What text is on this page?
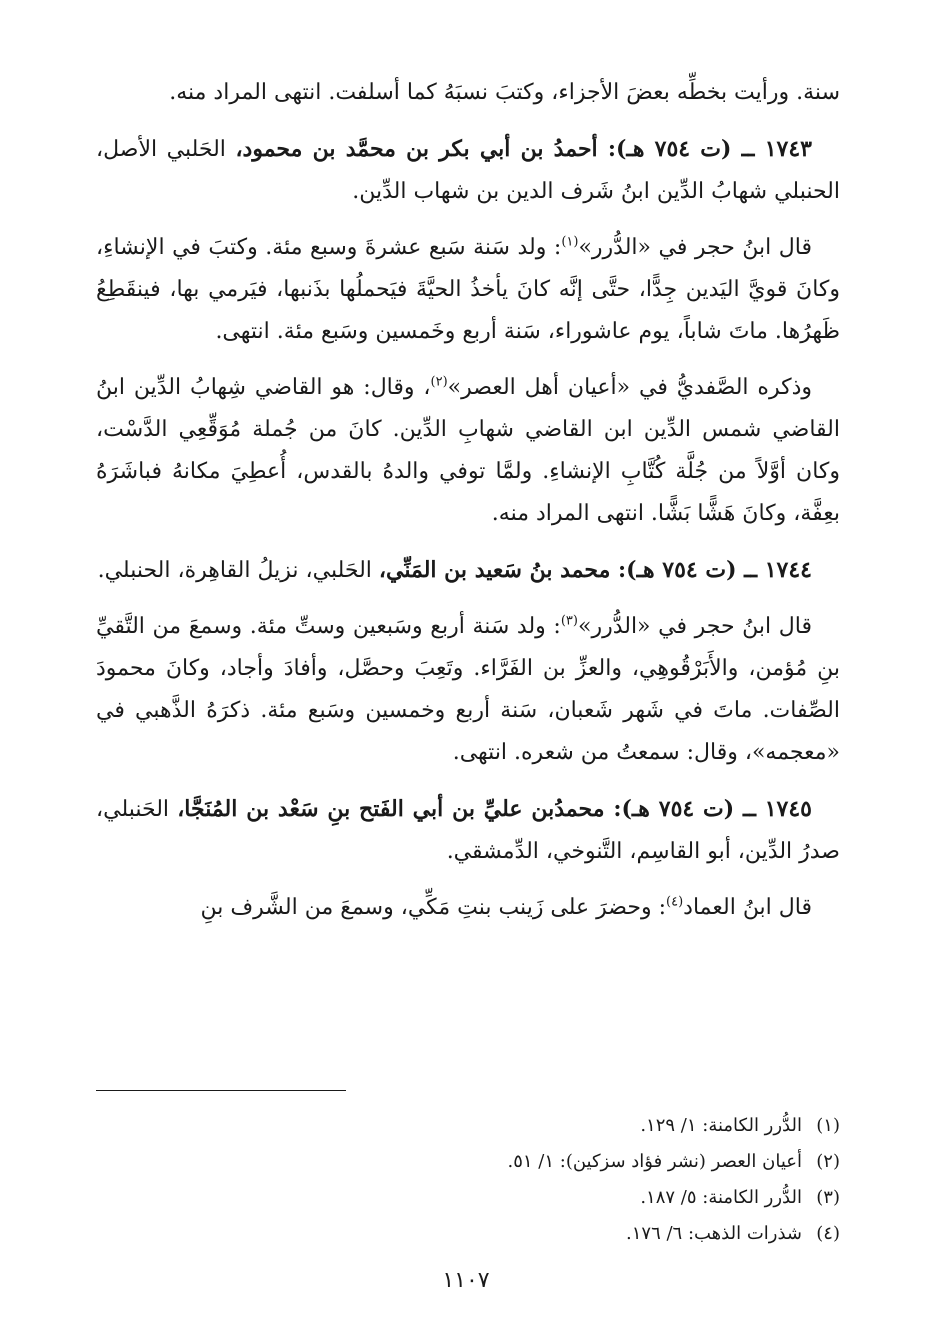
سنة. ورأيت بخطِّه بعضَ الأجزاء، وكتبَ نسبَهُ كما أسلفت. انتهى المراد منه.

١٧٤٣ ــ (ت ٧٥٤ هـ): أحمدُ بن أبي بكر بن محمَّد بن محمود، الحَلبي الأصل، الحنبلي شهابُ الدِّين ابنُ شَرف الدين بن شهاب الدِّين.

قال ابنُ حجر في «الدُّرر»$^{(١)}$: ولد سَنة سَبع عشرةَ وسبع مئة. وكتبَ في الإنشاءِ، وكانَ قويَّ اليَدين جِدًّا، حتَّى إنَّه كانَ يأخذُ الحيَّةَ فيَحملُها بذَنبها، فيَرمي بها، فينقَطِعُ ظَهرُها. ماتَ شاباً، يوم عاشوراء، سَنة أربع وخَمسين وسَبع مئة. انتهى.

وذكره الصَّفديُّ في «أعيان أهل العصر»$^{(٢)}$، وقال: هو القاضي شِهابُ الدِّين ابنُ القاضي شمس الدِّين ابن القاضي شهابِ الدِّين. كانَ من جُملة مُوَقِّعِي الدَّسْت، وكان أوَّلاً من جُلَّة كُتَّابِ الإنشاءِ. ولمَّا توفي والدهُ بالقدس، أُعطِيَ مكانهُ فباشَرَهُ بعِفَّة، وكانَ هَشًّا بَشًّا. انتهى المراد منه.

١٧٤٤ ــ (ت ٧٥٤ هـ): محمد بنُ سَعيد بن المَنِّي، الحَلبي، نزيلُ القاهِرة، الحنبلي.

قال ابنُ حجر في «الدُّرر»$^{(٣)}$: ولد سَنة أربع وسَبعين وستِّ مئة. وسمعَ من التَّقيِّ بنِ مُؤمن، والأَبَرْقُوهِي، والعزِّ بن الفَرَّاء. وتَعِبَ وحصَّل، وأفادَ وأجاد، وكانَ محمودَ الصِّفات. ماتَ في شَهر شَعبان، سَنة أربع وخمسين وسَبع مئة. ذكرَهُ الذَّهبي في «معجمه»، وقال: سمعتُ من شعره. انتهى.

١٧٤٥ ــ (ت ٧٥٤ هـ): محمدُبن عليِّ بن أبي الفَتح بنِ سَعْد بن المُنَجَّا، الحَنبلي، صدرُ الدِّين، أبو القاسِم، التَّنوخي، الدِّمشقي.

قال ابنُ العماد$^{(٤)}$: وحضرَ على زَينب بنتِ مَكِّي، وسمعَ من الشَّرف بنِ

(١)الدُّرر الكامنة: ١/ ١٢٩.
(٢)أعيان العصر (نشر فؤاد سزكين): ١/ ٥١.
(٣)الدُّرر الكامنة: ٥/ ١٨٧.
(٤)شذرات الذهب: ٦/ ١٧٦.
١١٠٧
